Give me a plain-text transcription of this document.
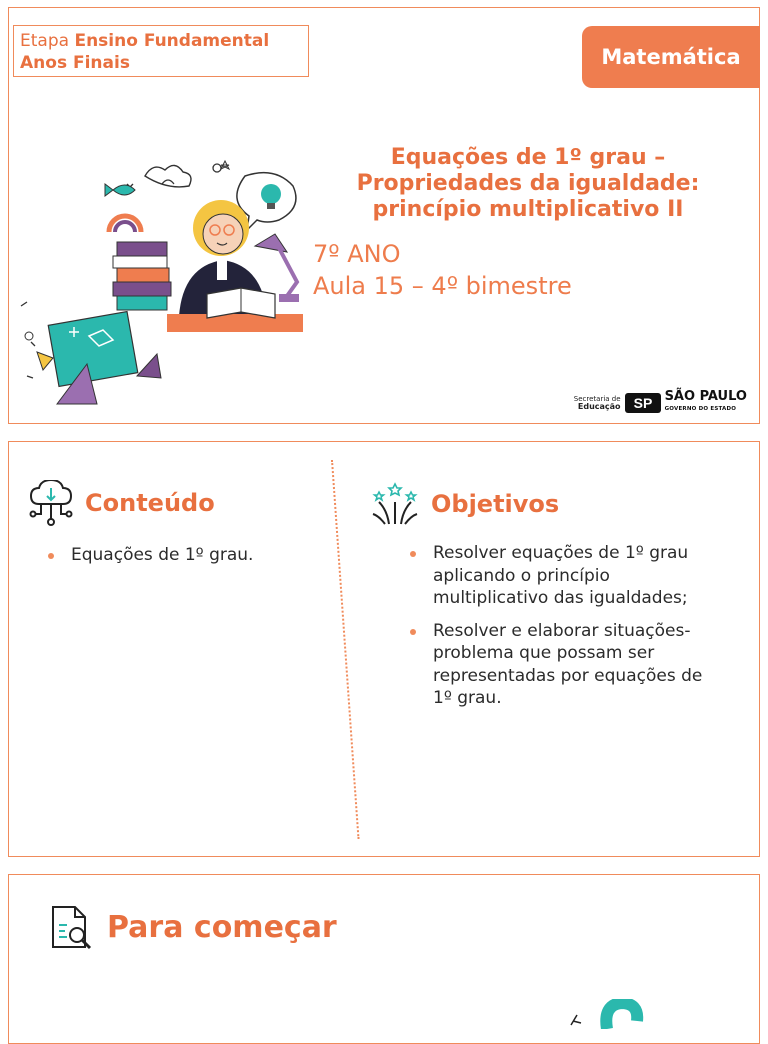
Etapa Ensino Fundamental
Anos Finais	Matemática
Equações de 1º grau –
Propriedades da igualdade:
princípio multiplicativo II
7º ANO
Aula 15 – 4º bimestre
Secretaria de
Educação SP SÃO PAULO
GOVERNO DO ESTADO
Conteúdo
Equações de 1º grau.
Objetivos
Resolver equações de 1º grau aplicando o princípio multiplicativo das igualdades;
Resolver e elaborar situações-problema que possam ser representadas por equações de 1º grau.
Para começar
